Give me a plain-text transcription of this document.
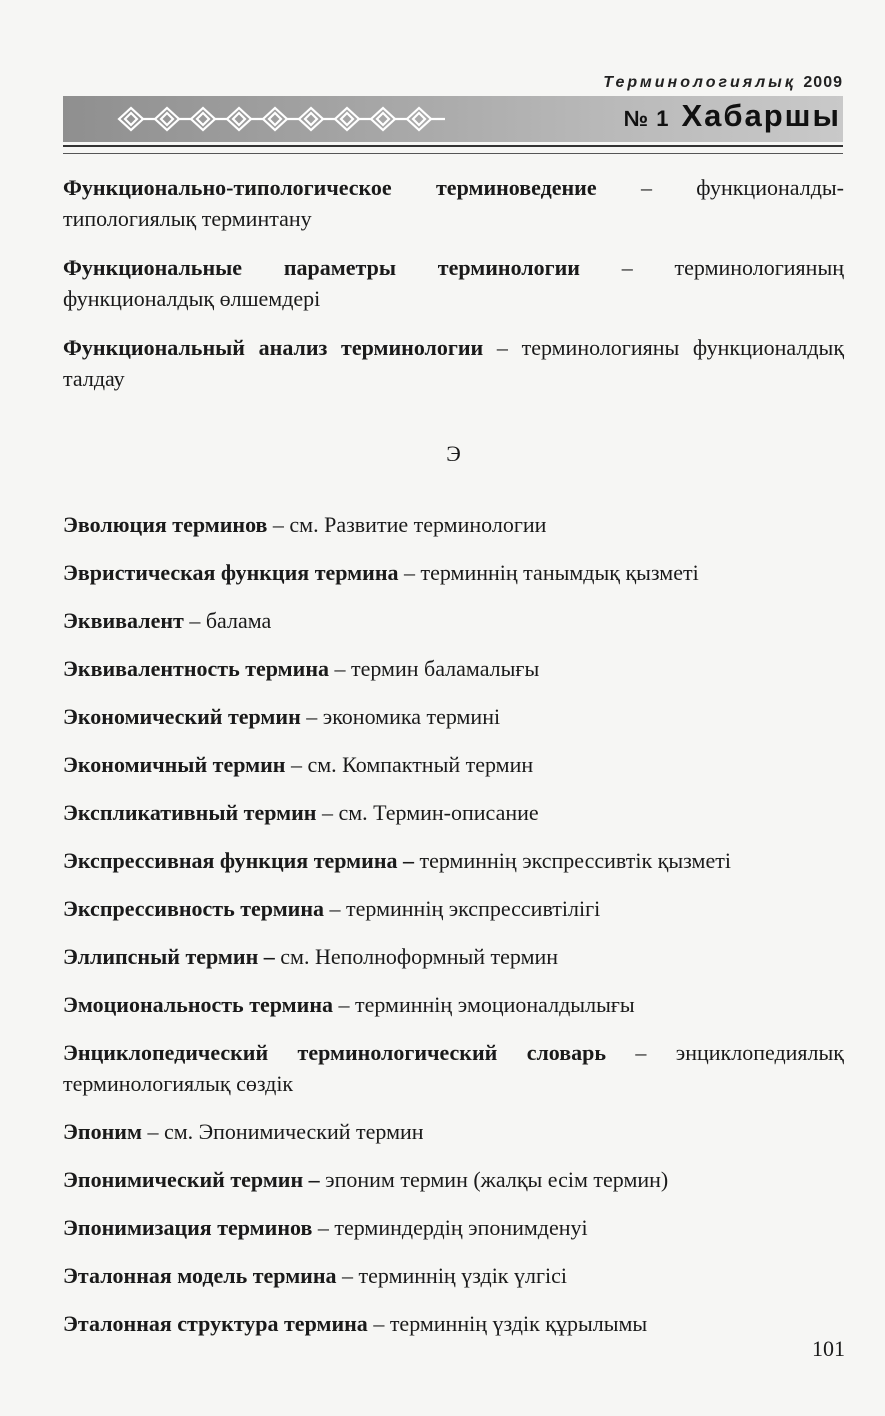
Терминологиялық 2009
№ 1 Хабаршы

Функционально-типологическое терминоведение – функционалды-типологиялық терминтану

Функциональные параметры терминологии – терминологияның функционалдық өлшемдері

Функциональный анализ терминологии – терминологияны функционалдық талдау

Э

Эволюция терминов – см. Развитие терминологии

Эвристическая функция термина – терминнің танымдық қызметі

Эквивалент – балама

Эквивалентность термина – термин баламалығы

Экономический термин – экономика термині

Экономичный термин – см. Компактный термин

Экспликативный термин – см. Термин-описание

Экспрессивная функция термина – терминнің экспрессивтік қызметі

Экспрессивность термина – терминнің экспрессивтілігі

Эллипсный термин – см. Неполноформный термин

Эмоциональность термина – терминнің эмоционалдылығы

Энциклопедический терминологический словарь – энциклопедиялық терминологиялық сөздік

Эпоним – см. Эпонимический термин

Эпонимический термин – эпоним термин (жалқы есім термин)

Эпонимизация терминов – терминдердің эпонимденуі

Эталонная модель термина – терминнің үздік үлгісі

Эталонная структура термина – терминнің үздік құрылымы

101
